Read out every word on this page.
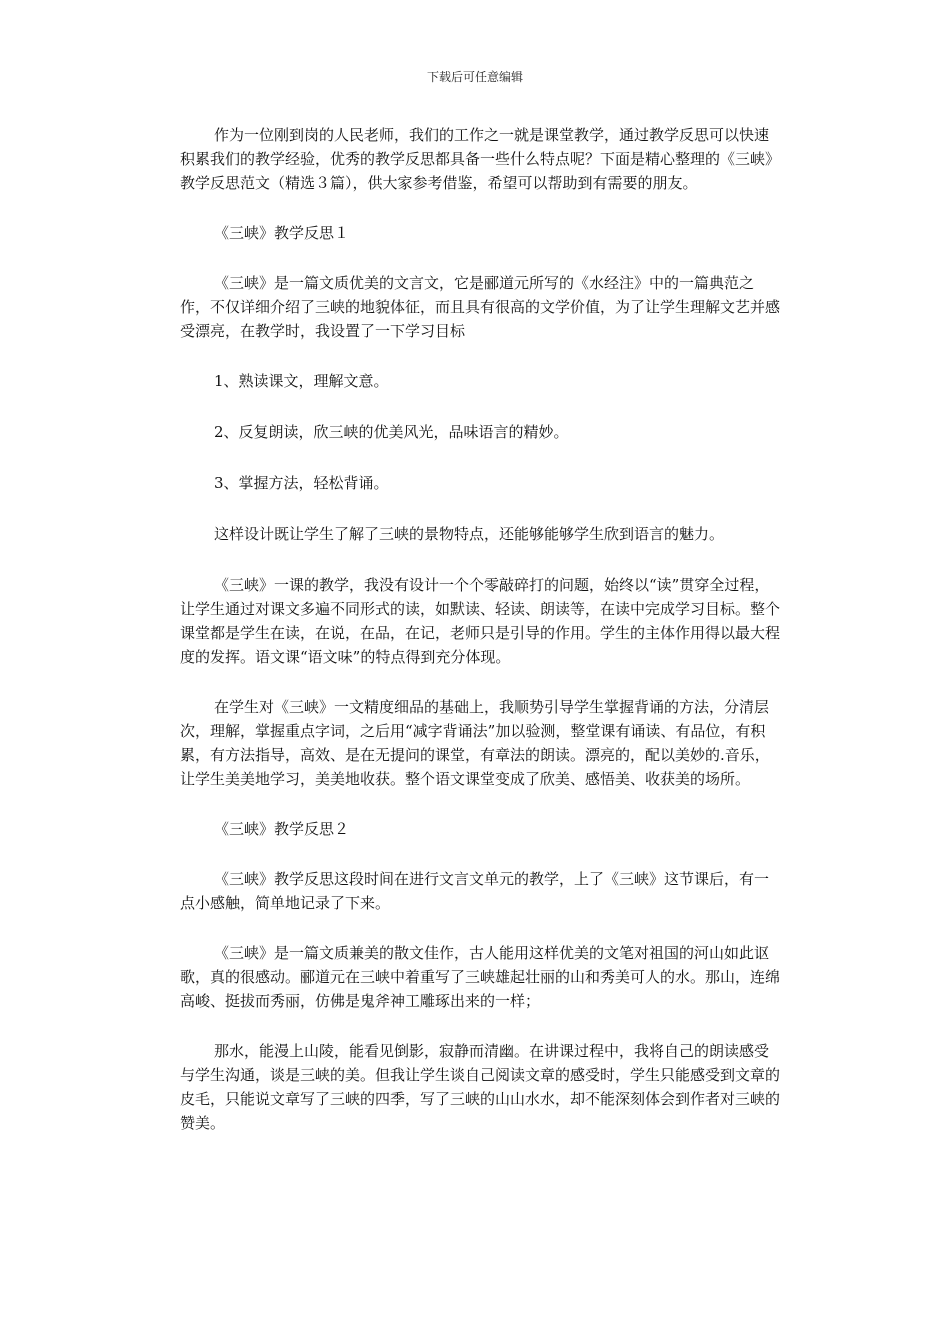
下载后可任意编辑

作为一位刚到岗的人民老师，我们的工作之一就是课堂教学，通过教学反思可以快速积累我们的教学经验，优秀的教学反思都具备一些什么特点呢？下面是精心整理的《三峡》教学反思范文（精选３篇），供大家参考借鉴，希望可以帮助到有需要的朋友。

《三峡》教学反思１

《三峡》是一篇文质优美的文言文，它是郦道元所写的《水经注》中的一篇典范之作，不仅详细介绍了三峡的地貌体征，而且具有很高的文学价值，为了让学生理解文艺并感受漂亮，在教学时，我设置了一下学习目标

1、熟读课文，理解文意。

2、反复朗读，欣三峡的优美风光，品味语言的精妙。

3、掌握方法，轻松背诵。

这样设计既让学生了解了三峡的景物特点，还能够能够学生欣到语言的魅力。

《三峡》一课的教学，我没有设计一个个零敲碎打的问题，始终以“读”贯穿全过程，让学生通过对课文多遍不同形式的读，如默读、轻读、朗读等，在读中完成学习目标。整个课堂都是学生在读，在说，在品，在记，老师只是引导的作用。学生的主体作用得以最大程度的发挥。语文课“语文味”的特点得到充分体现。

在学生对《三峡》一文精度细品的基础上，我顺势引导学生掌握背诵的方法，分清层次，理解，掌握重点字词，之后用“减字背诵法”加以验测，整堂课有诵读、有品位，有积累，有方法指导，高效、是在无提问的课堂，有章法的朗读。漂亮的，配以美妙的.音乐，让学生美美地学习，美美地收获。整个语文课堂变成了欣美、感悟美、收获美的场所。

《三峡》教学反思２

《三峡》教学反思这段时间在进行文言文单元的教学，上了《三峡》这节课后，有一点小感触，简单地记录了下来。

《三峡》是一篇文质兼美的散文佳作，古人能用这样优美的文笔对祖国的河山如此讴歌，真的很感动。郦道元在三峡中着重写了三峡雄起壮丽的山和秀美可人的水。那山，连绵高峻、挺拔而秀丽，仿佛是鬼斧神工雕琢出来的一样；

那水，能漫上山陵，能看见倒影，寂静而清幽。在讲课过程中，我将自己的朗读感受与学生沟通，谈是三峡的美。但我让学生谈自己阅读文章的感受时，学生只能感受到文章的皮毛，只能说文章写了三峡的四季，写了三峡的山山水水，却不能深刻体会到作者对三峡的赞美。
